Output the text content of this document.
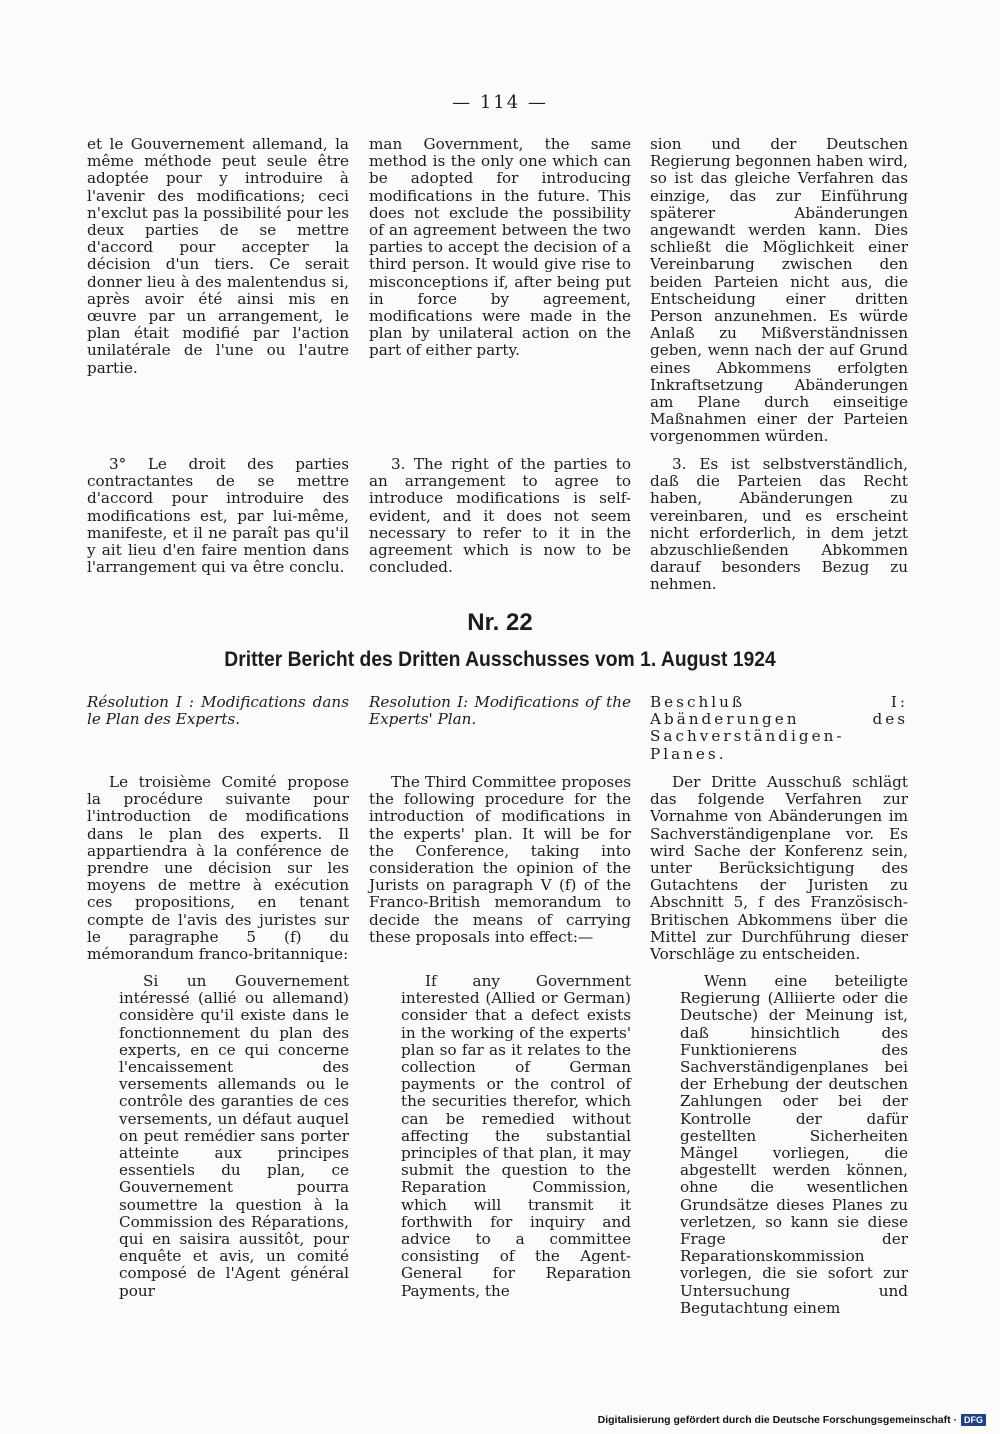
— 114 —

et le Gouvernement allemand, la même méthode peut seule être adoptée pour y introduire à l'avenir des modifications; ceci n'exclut pas la possibilité pour les deux parties de se mettre d'accord pour accepter la décision d'un tiers. Ce serait donner lieu à des malentendus si, après avoir été ainsi mis en œuvre par un arrangement, le plan était modifié par l'action unilatérale de l'une ou l'autre partie.

3° Le droit des parties contractantes de se mettre d'accord pour introduire des modifications est, par lui-même, manifeste, et il ne paraît pas qu'il y ait lieu d'en faire mention dans l'arrangement qui va être conclu.

Résolution I : Modifications dans le Plan des Experts.

Le troisième Comité propose la procédure suivante pour l'introduction de modifications dans le plan des experts. Il appartiendra à la conférence de prendre une décision sur les moyens de mettre à exécution ces propositions, en tenant compte de l'avis des juristes sur le paragraphe 5 (f) du mémorandum franco-britannique:

Si un Gouvernement intéressé (allié ou allemand) considère qu'il existe dans le fonctionnement du plan des experts, en ce qui concerne l'encaissement des versements allemands ou le contrôle des garanties de ces versements, un défaut auquel on peut remédier sans porter atteinte aux principes essentiels du plan, ce Gouvernement pourra soumettre la question à la Commission des Réparations, qui en saisira aussitôt, pour enquête et avis, un comité composé de l'Agent général pour

man Government, the same method is the only one which can be adopted for introducing modifications in the future. This does not exclude the possibility of an agreement between the two parties to accept the decision of a third person. It would give rise to misconceptions if, after being put in force by agreement, modifications were made in the plan by unilateral action on the part of either party.

3. The right of the parties to an arrangement to agree to introduce modifications is self-evident, and it does not seem necessary to refer to it in the agreement which is now to be concluded.

Resolution I: Modifications of the Experts' Plan.

The Third Committee proposes the following procedure for the introduction of modifications in the experts' plan. It will be for the Conference, taking into consideration the opinion of the Jurists on paragraph V (f) of the Franco-British memorandum to decide the means of carrying these proposals into effect:—

If any Government interested (Allied or German) consider that a defect exists in the working of the experts' plan so far as it relates to the collection of German payments or the control of the securities therefor, which can be remedied without affecting the substantial principles of that plan, it may submit the question to the Reparation Commission, which will transmit it forthwith for inquiry and advice to a committee consisting of the Agent-General for Reparation Payments, the

sion und der Deutschen Regierung begonnen haben wird, so ist das gleiche Verfahren das einzige, das zur Einführung späterer Abänderungen angewandt werden kann. Dies schließt die Möglichkeit einer Vereinbarung zwischen den beiden Parteien nicht aus, die Entscheidung einer dritten Person anzunehmen. Es würde Anlaß zu Mißverständnissen geben, wenn nach der auf Grund eines Abkommens erfolgten Inkraftsetzung Abänderungen am Plane durch einseitige Maßnahmen einer der Parteien vorgenommen würden.

3. Es ist selbstverständlich, daß die Parteien das Recht haben, Abänderungen zu vereinbaren, und es erscheint nicht erforderlich, in dem jetzt abzuschließenden Abkommen darauf besonders Bezug zu nehmen.

Beschluß I: Abänderungen des Sachverständigen-Planes.

Der Dritte Ausschuß schlägt das folgende Verfahren zur Vornahme von Abänderungen im Sachverständigenplane vor. Es wird Sache der Konferenz sein, unter Berücksichtigung des Gutachtens der Juristen zu Abschnitt 5, f des Französisch-Britischen Abkommens über die Mittel zur Durchführung dieser Vorschläge zu entscheiden.

Wenn eine beteiligte Regierung (Alliierte oder die Deutsche) der Meinung ist, daß hinsichtlich des Funktionierens des Sachverständigenplanes bei der Erhebung der deutschen Zahlungen oder bei der Kontrolle der dafür gestellten Sicherheiten Mängel vorliegen, die abgestellt werden können, ohne die wesentlichen Grundsätze dieses Planes zu verletzen, so kann sie diese Frage der Reparationskommission vorlegen, die sie sofort zur Untersuchung und Begutachtung einem

Nr. 22
Dritter Bericht des Dritten Ausschusses vom 1. August 1924
Digitalisierung gefördert durch die Deutsche Forschungsgemeinschaft · DFG
